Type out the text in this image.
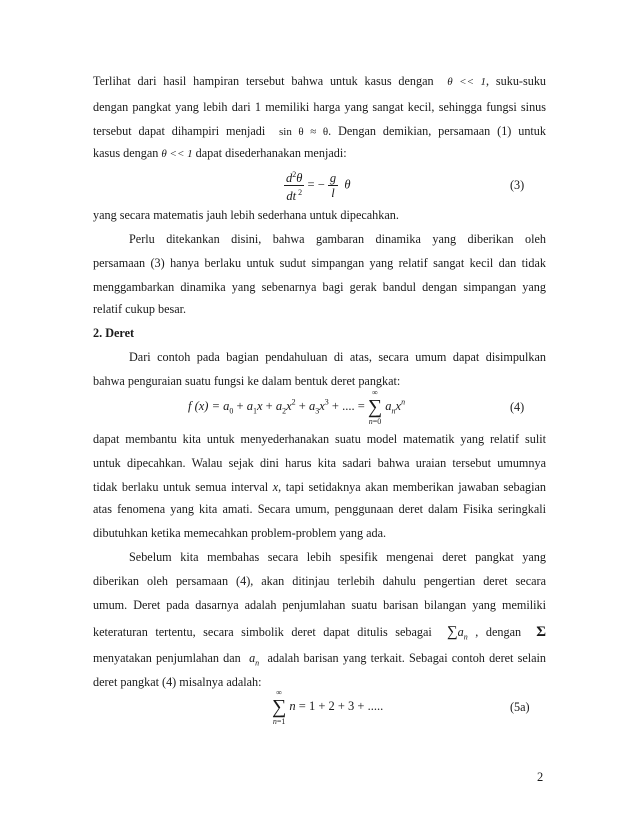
Terlihat dari hasil hampiran tersebut bahwa untuk kasus dengan θ << 1, suku-suku
dengan pangkat yang lebih dari 1 memiliki harga yang sangat kecil, sehingga fungsi sinus
tersebut dapat dihampiri menjadi sin θ ≈ θ. Dengan demikian, persamaan (1) untuk
kasus dengan θ << 1 dapat disederhanakan menjadi:
$\frac{d^2\theta}{dt ^2}$ = − $\frac{g}{l}$ θ	(3)
yang secara matematis jauh lebih sederhana untuk dipecahkan.
Perlu ditekankan disini, bahwa gambaran dinamika yang diberikan oleh
persamaan (3) hanya berlaku untuk sudut simpangan yang relatif sangat kecil dan tidak
menggambarkan dinamika yang sebenarnya bagi gerak bandul dengan simpangan yang
relatif cukup besar.
2. Deret
Dari contoh pada bagian pendahuluan di atas, secara umum dapat disimpulkan
bahwa penguraian suatu fungsi ke dalam bentuk deret pangkat:
f $(x) = a_0 + a_1x + a_2x^2 + a_3x^3$ + .... =
∞
∑
n=0
$a_nx^n$	(4)
dapat membantu kita untuk menyederhanakan suatu model matematik yang relatif sulit
untuk dipecahkan. Walau sejak dini harus kita sadari bahwa uraian tersebut umumnya
tidak berlaku untuk semua interval x, tapi setidaknya akan memberikan jawaban sebagian
atas fenomena yang kita amati. Secara umum, penggunaan deret dalam Fisika seringkali
dibutuhkan ketika memecahkan problem-problem yang ada.
Sebelum kita membahas secara lebih spesifik mengenai deret pangkat yang
diberikan oleh persamaan (4), akan ditinjau terlebih dahulu pengertian deret secara
umum. Deret pada dasarnya adalah penjumlahan suatu barisan bilangan yang memiliki
keteraturan tertentu, secara simbolik deret dapat ditulis sebagai $\sum a_n$ , dengan Σ
menyatakan penjumlahan dan $a_n$ adalah barisan yang terkait. Sebagai contoh deret selain
deret pangkat (4) misalnya adalah:
∞
∑
n=1
n = 1 + 2 + 3 + .....	(5a)
2
